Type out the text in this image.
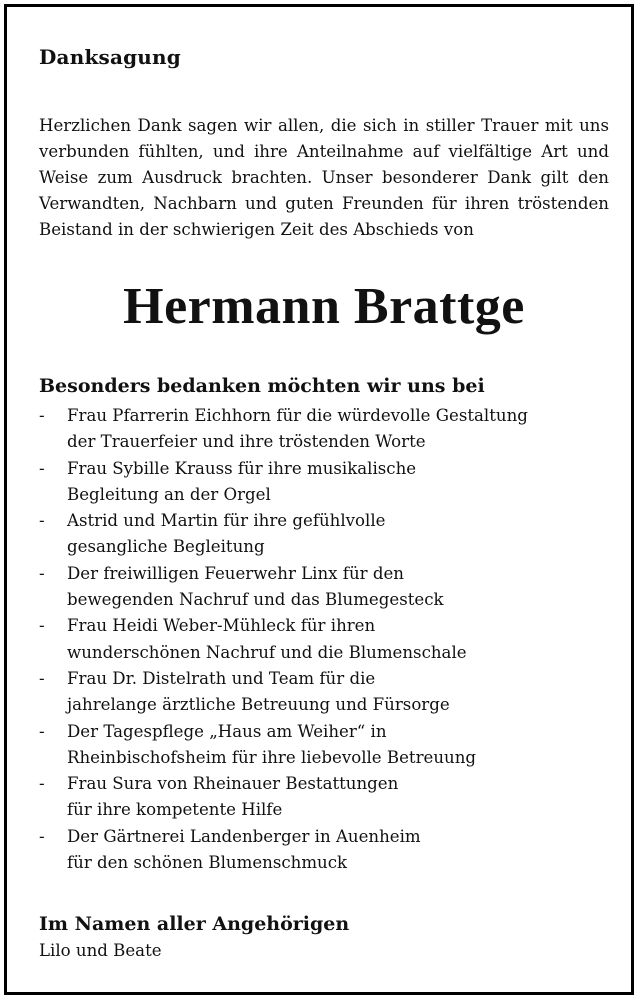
Danksagung
Herzlichen Dank sagen wir allen, die sich in stiller Trauer mit uns verbunden fühlten, und ihre Anteilnahme auf vielfältige Art und Weise zum Ausdruck brachten. Unser besonderer Dank gilt den Verwandten, Nachbarn und guten Freunden für ihren tröstenden Beistand in der schwierigen Zeit des Abschieds von
Hermann Brattge
Besonders bedanken möchten wir uns bei
-	Frau Pfarrerin Eichhorn für die würdevolle Gestaltung
der Trauerfeier und ihre tröstenden Worte
-	Frau Sybille Krauss für ihre musikalische
Begleitung an der Orgel
-	Astrid und Martin für ihre gefühlvolle
gesangliche Begleitung
-	Der freiwilligen Feuerwehr Linx für den
bewegenden Nachruf und das Blumegesteck
-	Frau Heidi Weber-Mühleck für ihren
wunderschönen Nachruf und die Blumenschale
-	Frau Dr. Distelrath und Team für die
jahrelange ärztliche Betreuung und Fürsorge
-	Der Tagespflege „Haus am Weiher“ in
Rheinbischofsheim für ihre liebevolle Betreuung
-	Frau Sura von Rheinauer Bestattungen
für ihre kompetente Hilfe
-	Der Gärtnerei Landenberger in Auenheim
für den schönen Blumenschmuck
Im Namen aller Angehörigen
Lilo und Beate
